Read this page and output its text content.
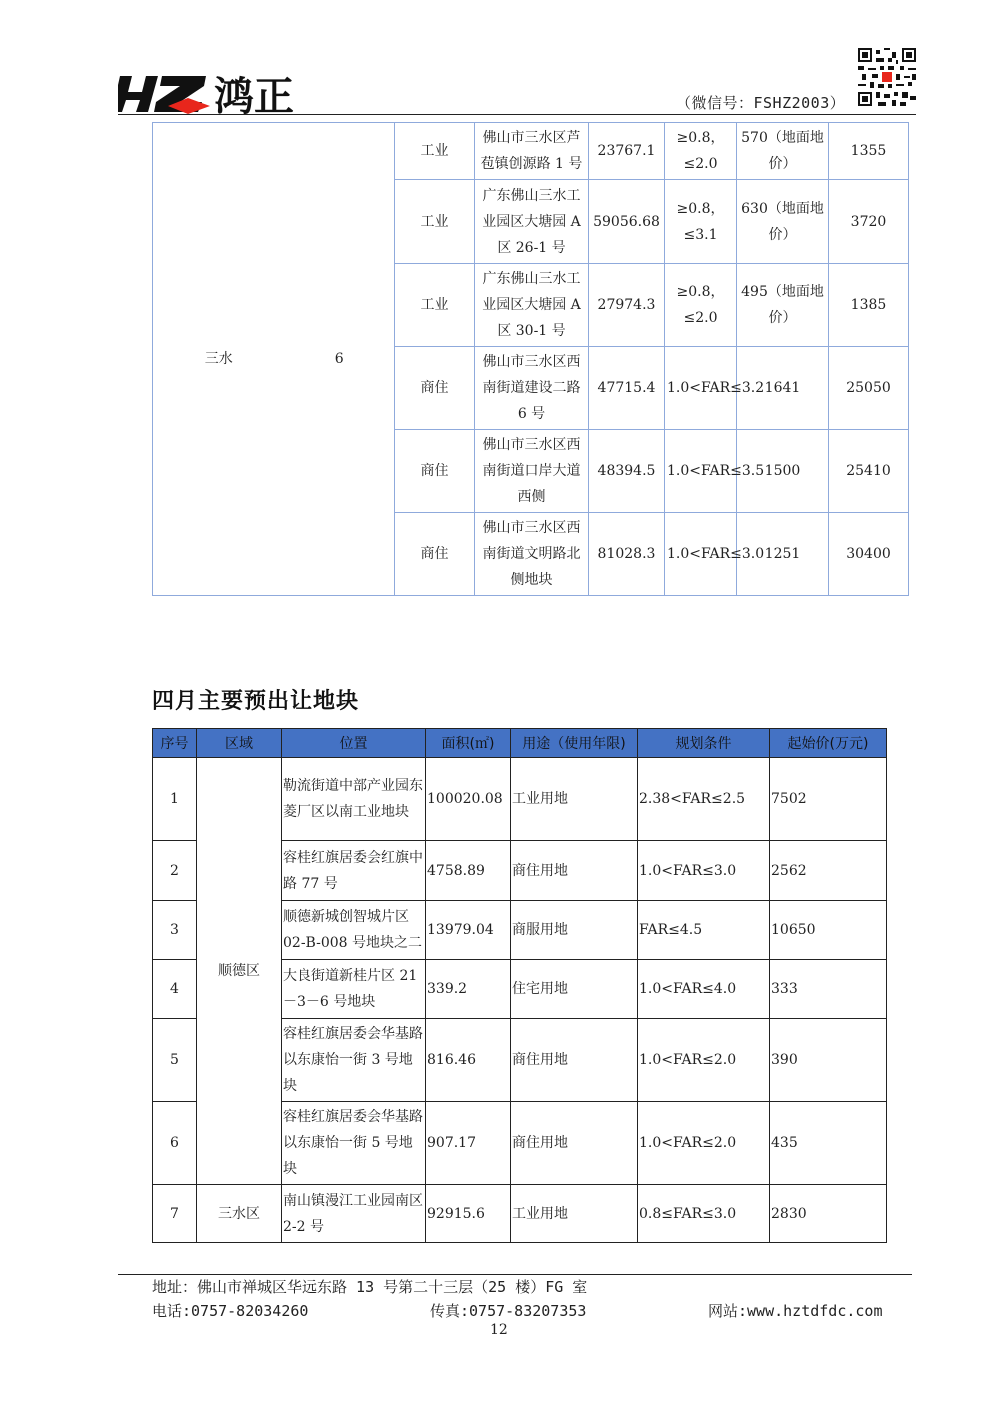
鸿正	（微信号：FSHZ2003）
三水	6	工业	佛山市三水区芦苞镇创源路 1 号	23767.1	≥0.8，≤2.0	570（地面地价）	1355
		工业	广东佛山三水工业园区大塘园 A 区 26-1 号	59056.68	≥0.8，≤3.1	630（地面地价）	3720
		工业	广东佛山三水工业园区大塘园 A 区 30-1 号	27974.3	≥0.8，≤2.0	495（地面地价）	1385
		商住	佛山市三水区西南街道建设二路 6 号	47715.4	1.0<FAR≤3.2	1641	25050
		商住	佛山市三水区西南街道口岸大道西侧	48394.5	1.0<FAR≤3.5	1500	25410
		商住	佛山市三水区西南街道文明路北侧地块	81028.3	1.0<FAR≤3.0	1251	30400
四月主要预出让地块
序号	区域	位置	面积(㎡)	用途（使用年限)	规划条件	起始价(万元)
1	顺德区	勒流街道中部产业园东菱厂区以南工业地块	100020.08	工业用地	2.38<FAR≤2.5	7502
2		容桂红旗居委会红旗中路 77 号	4758.89	商住用地	1.0<FAR≤3.0	2562
3		顺德新城创智城片区 02-B-008 号地块之二	13979.04	商服用地	FAR≤4.5	10650
4		大良街道新桂片区 21－3－6 号地块	339.2	住宅用地	1.0<FAR≤4.0	333
5		容桂红旗居委会华基路以东康怡一街 3 号地块	816.46	商住用地	1.0<FAR≤2.0	390
6		容桂红旗居委会华基路以东康怡一街 5 号地块	907.17	商住用地	1.0<FAR≤2.0	435
7	三水区	南山镇漫江工业园南区 2-2 号	92915.6	工业用地	0.8≤FAR≤3.0	2830
地址：佛山市禅城区华远东路 13 号第二十三层（25 楼）FG 室
电话:0757-82034260	传真:0757-83207353	网站:www.hztdfdc.com
12
